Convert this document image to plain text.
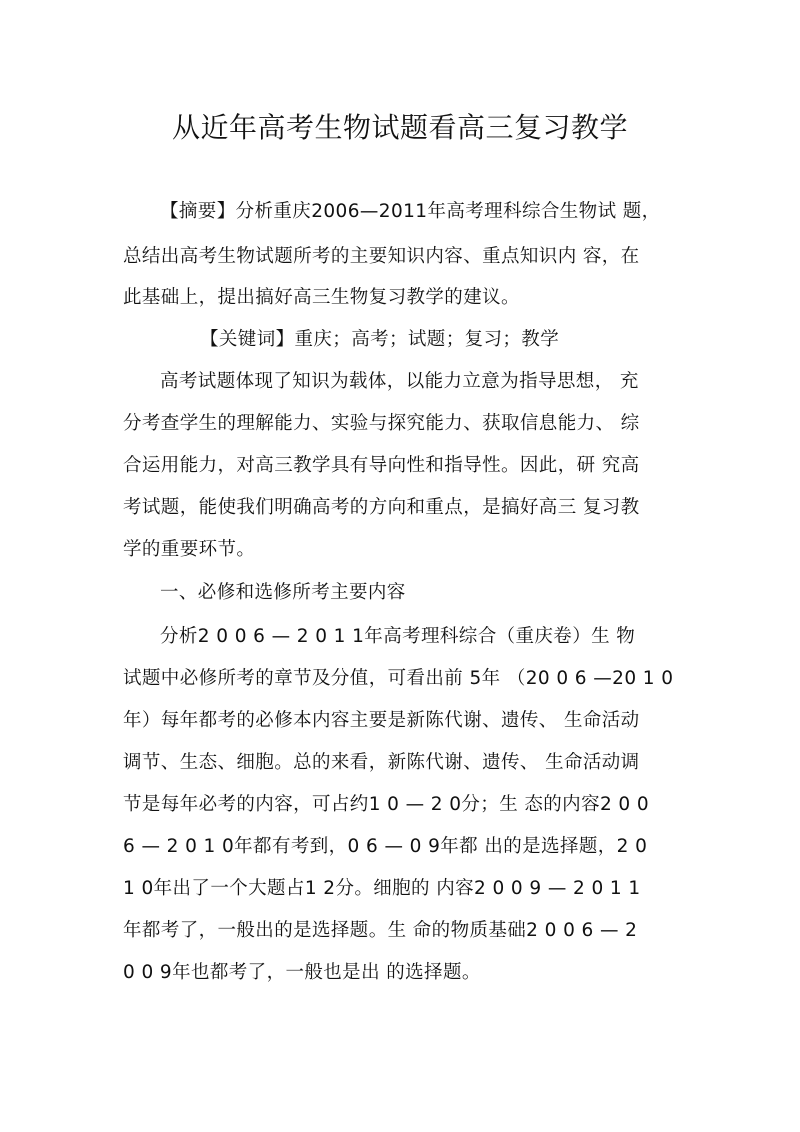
从近年高考生物试题看高三复习教学

【摘要】分析重庆2006—2011年高考理科综合生物试 题，

总结出高考生物试题所考的主要知识内容、重点知识内 容，在

此基础上，提出搞好高三生物复习教学的建议。

【关键词】重庆；高考；试题；复习；教学

高考试题体现了知识为载体，以能力立意为指导思想， 充

分考查学生的理解能力、实验与探究能力、获取信息能力、 综

合运用能力，对高三教学具有导向性和指导性。因此，研 究高

考试题，能使我们明确高考的方向和重点，是搞好高三 复习教

学的重要环节。

一、必修和选修所考主要内容

分析2 0 0 6 — 2 0 1 1年高考理科综合（重庆卷）生 物

试题中必修所考的章节及分值，可看出前 5年 （20 0 6 —20 1 0

年）每年都考的必修本内容主要是新陈代谢、遗传、 生命活动

调节、生态、细胞。总的来看，新陈代谢、遗传、 生命活动调

节是每年必考的内容，可占约1 0 — 2 0分；生 态的内容2 0 0

6 — 2 0 1 0年都有考到，0 6 — 0 9年都 出的是选择题，2 0

1 0年出了一个大题占1 2分。细胞的 内容2 0 0 9 — 2 0 1 1

年都考了，一般出的是选择题。生 命的物质基础2 0 0 6 — 2

0 0 9年也都考了，一般也是出 的选择题。
